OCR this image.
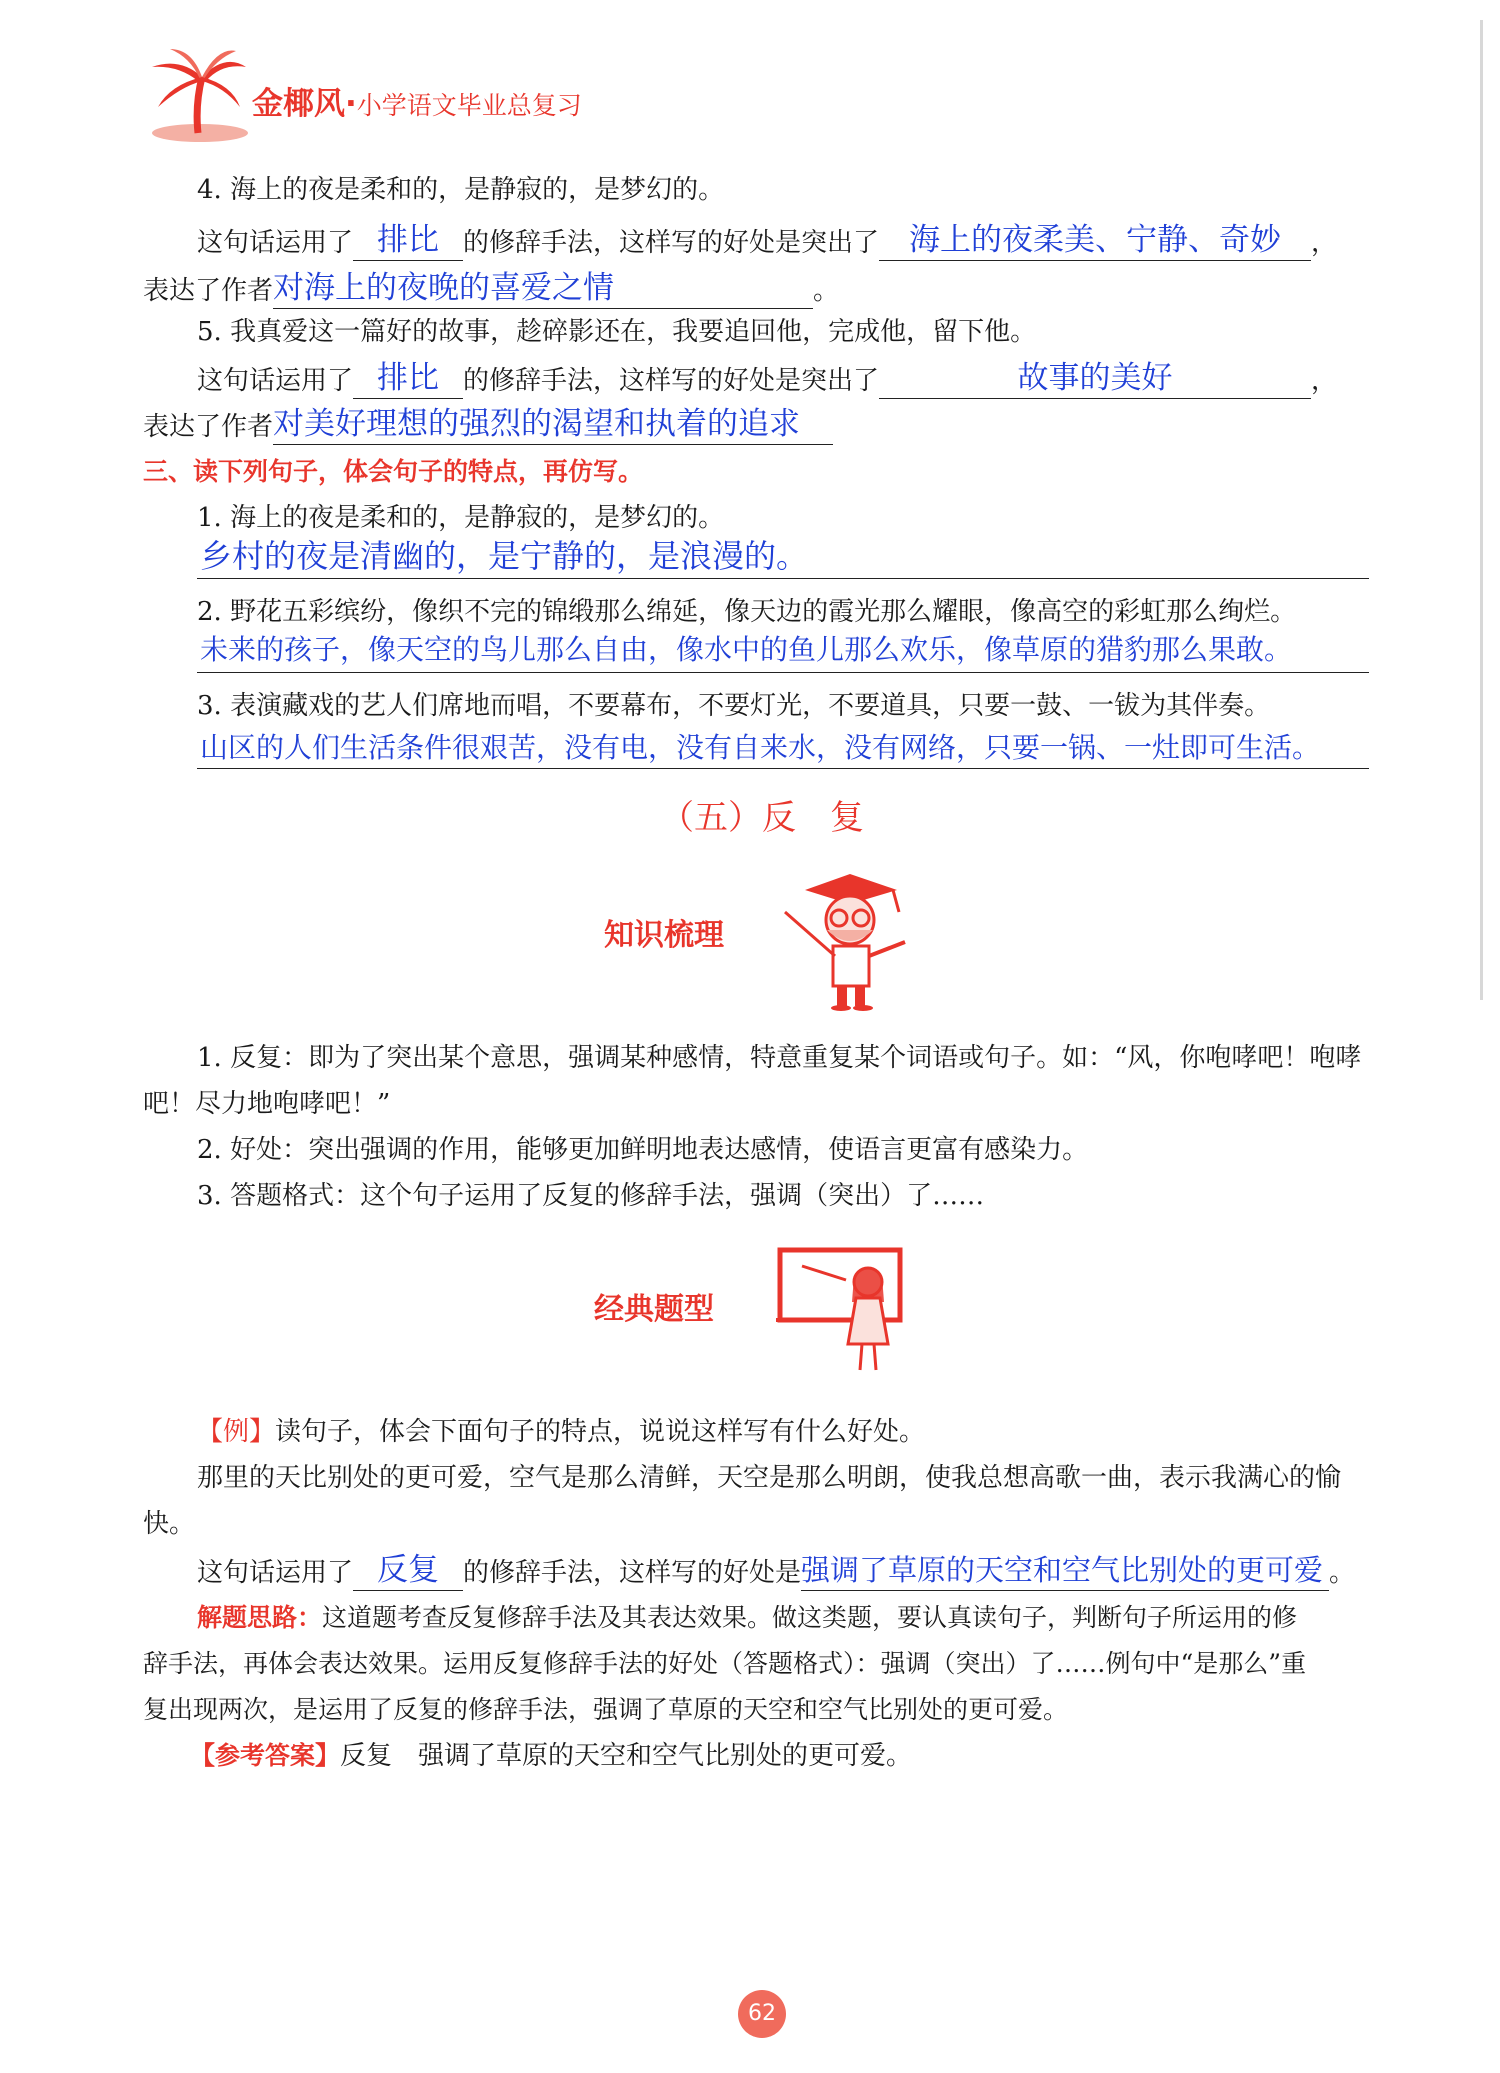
金椰风·小学语文毕业总复习
4. 海上的夜是柔和的，是静寂的，是梦幻的。
这句话运用了 排比 的修辞手法，这样写的好处是突出了 海上的夜柔美、宁静、奇妙 ，
表达了作者对海上的夜晚的喜爱之情	。
5. 我真爱这一篇好的故事，趁碎影还在，我要追回他，完成他，留下他。
这句话运用了 排比 的修辞手法，这样写的好处是突出了	故事的美好	，
表达了作者对美好理想的强烈的渴望和执着的追求
三、读下列句子，体会句子的特点，再仿写。
1. 海上的夜是柔和的，是静寂的，是梦幻的。
乡村的夜是清幽的，是宁静的，是浪漫的。
2. 野花五彩缤纷，像织不完的锦缎那么绵延，像天边的霞光那么耀眼，像高空的彩虹那么绚烂。
未来的孩子，像天空的鸟儿那么自由，像水中的鱼儿那么欢乐，像草原的猎豹那么果敢。
3. 表演藏戏的艺人们席地而唱，不要幕布，不要灯光，不要道具，只要一鼓、一钹为其伴奏。
山区的人们生活条件很艰苦，没有电，没有自来水，没有网络，只要一锅、一灶即可生活。
（五）反　复
知识梳理
1. 反复：即为了突出某个意思，强调某种感情，特意重复某个词语或句子。如：“风，你咆哮吧！咆哮
吧！尽力地咆哮吧！”
2. 好处：突出强调的作用，能够更加鲜明地表达感情，使语言更富有感染力。
3. 答题格式：这个句子运用了反复的修辞手法，强调（突出）了……
经典题型
【例】读句子，体会下面句子的特点，说说这样写有什么好处。
那里的天比别处的更可爱，空气是那么清鲜，天空是那么明朗，使我总想高歌一曲，表示我满心的愉
快。
这句话运用了 反复 的修辞手法，这样写的好处是强调了草原的天空和空气比别处的更可爱 。
解题思路：这道题考查反复修辞手法及其表达效果。做这类题，要认真读句子，判断句子所运用的修
辞手法，再体会表达效果。运用反复修辞手法的好处（答题格式）：强调（突出）了……例句中“是那么”重
复出现两次，是运用了反复的修辞手法，强调了草原的天空和空气比别处的更可爱。
【参考答案】反复　强调了草原的天空和空气比别处的更可爱。
62
